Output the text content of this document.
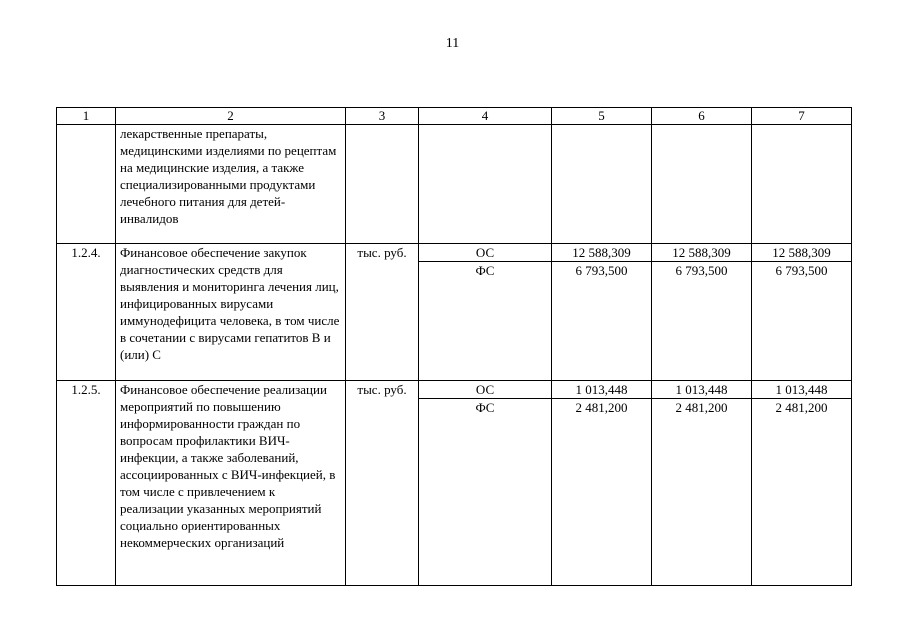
11
1	2	3	4	5	6	7
	лекарственные препараты, медицинскими изделиями по рецептам на медицинские изделия, а также специализированными продуктами лечебного питания для детей-инвалидов					
1.2.4.	Финансовое обеспечение закупок диагностических средств для выявления и мониторинга лечения лиц, инфицированных вирусами иммунодефицита человека, в том числе в сочетании с вирусами гепатитов В и (или) С	тыс. руб.	ОС	12 588,309	12 588,309	12 588,309
			ФС	6 793,500	6 793,500	6 793,500
1.2.5.	Финансовое обеспечение реализации мероприятий по повышению информированности граждан по вопросам профилактики ВИЧ-инфекции, а также заболеваний, ассоциированных с ВИЧ-инфекцией, в том числе с привлечением к реализации указанных мероприятий социально ориентированных некоммерческих организаций	тыс. руб.	ОС	1 013,448	1 013,448	1 013,448
			ФС	2 481,200	2 481,200	2 481,200
